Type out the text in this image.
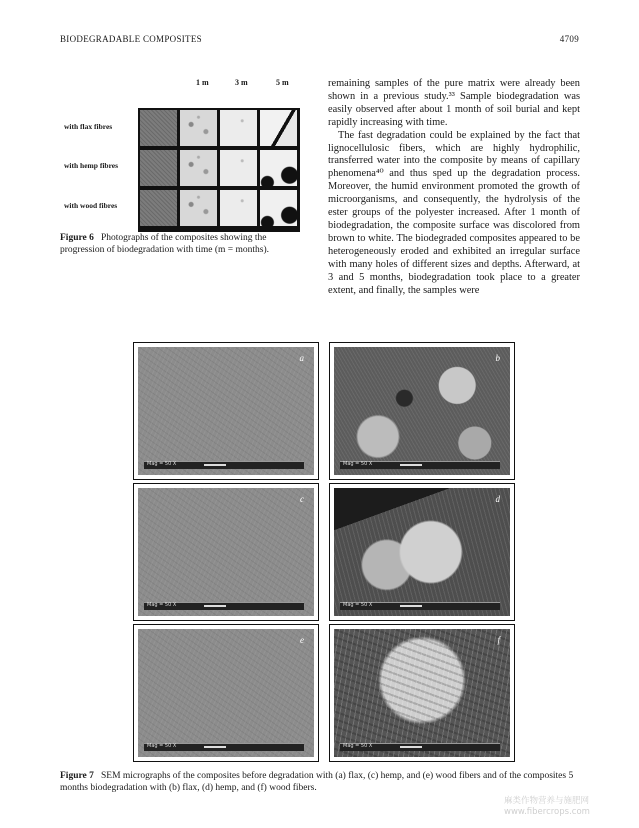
BIODEGRADABLE COMPOSITES	4709
1 m	3 m	5 m
with flax fibres
with hemp fibres
with wood fibres
Figure 6 Photographs of the composites showing the progression of biodegradation with time (m = months).

remaining samples of the pure matrix were already been shown in a previous study.³³ Sample biodegradation was easily observed after about 1 month of soil burial and kept rapidly increasing with time.

The fast degradation could be explained by the fact that lignocellulosic fibers, which are highly hydrophilic, transferred water into the composite by means of capillary phenomena⁴⁰ and thus sped up the degradation process. Moreover, the humid environment promoted the growth of microorganisms, and consequently, the hydrolysis of the ester groups of the polyester increased. After 1 month of biodegradation, the composite surface was discolored from brown to white. The biodegraded composites appeared to be heterogeneously eroded and exhibited an irregular surface with many holes of different sizes and depths. Afterward, at 3 and 5 months, biodegradation took place to a greater extent, and finally, the samples were

a
Mag = 50 X
b
Mag = 50 X
c
Mag = 50 X
d
Mag = 50 X
e
Mag = 50 X
f
Mag = 50 X
Figure 7 SEM micrographs of the composites before degradation with (a) flax, (c) hemp, and (e) wood fibers and of the composites 5 months biodegradation with (b) flax, (d) hemp, and (f) wood fibers.
麻类作物营养与施肥网
www.fibercrops.com
